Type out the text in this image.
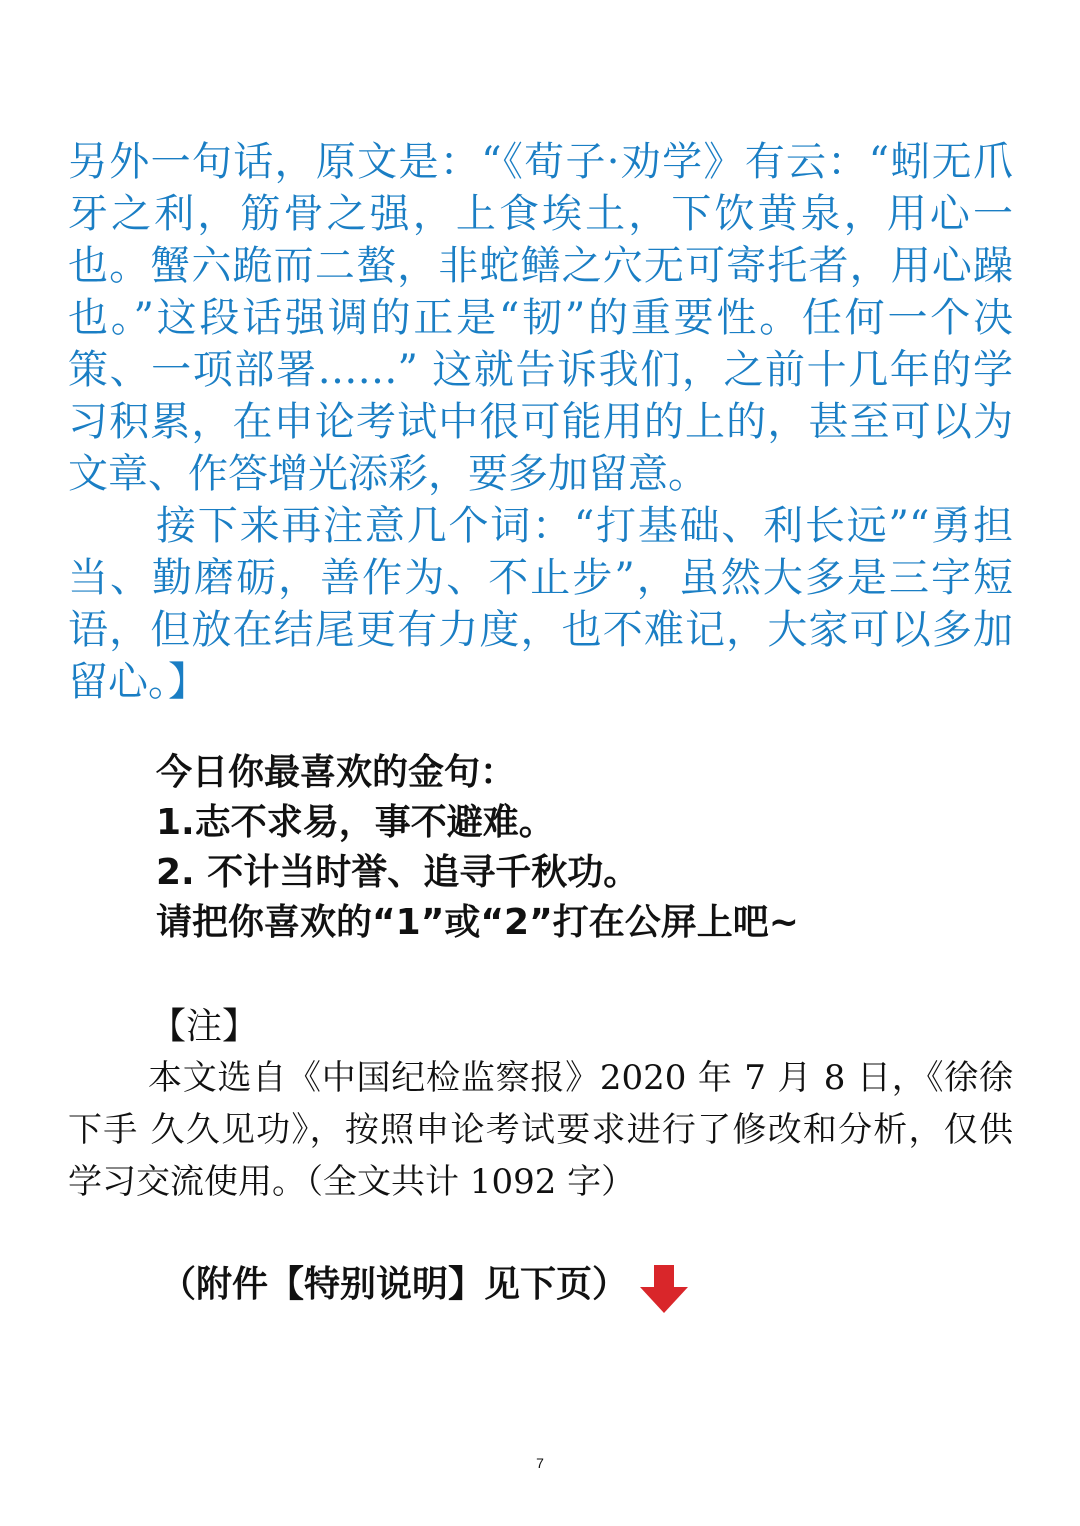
另外一句话，原文是：“《荀子·劝学》有云：“蚓无爪牙之利，筋骨之强，上食埃土，下饮黄泉，用心一也。蟹六跪而二螯，非蛇鳝之穴无可寄托者，用心躁也。”这段话强调的正是“韧”的重要性。任何一个决策、一项部署……” 这就告诉我们，之前十几年的学习积累，在申论考试中很可能用的上的，甚至可以为文章、作答增光添彩，要多加留意。

接下来再注意几个词：“打基础、利长远”“勇担当、勤磨砺，善作为、不止步”，虽然大多是三字短语，但放在结尾更有力度，也不难记，大家可以多加留心。】

今日你最喜欢的金句：
1.志不求易，事不避难。
2. 不计当时誉、追寻千秋功。
请把你喜欢的“1”或“2”打在公屏上吧~
【注】

本文选自《中国纪检监察报》2020 年 7 月 8 日，《徐徐下手 久久见功》，按照申论考试要求进行了修改和分析，仅供学习交流使用。（全文共计 1092 字）

（附件【特别说明】见下页）
7
